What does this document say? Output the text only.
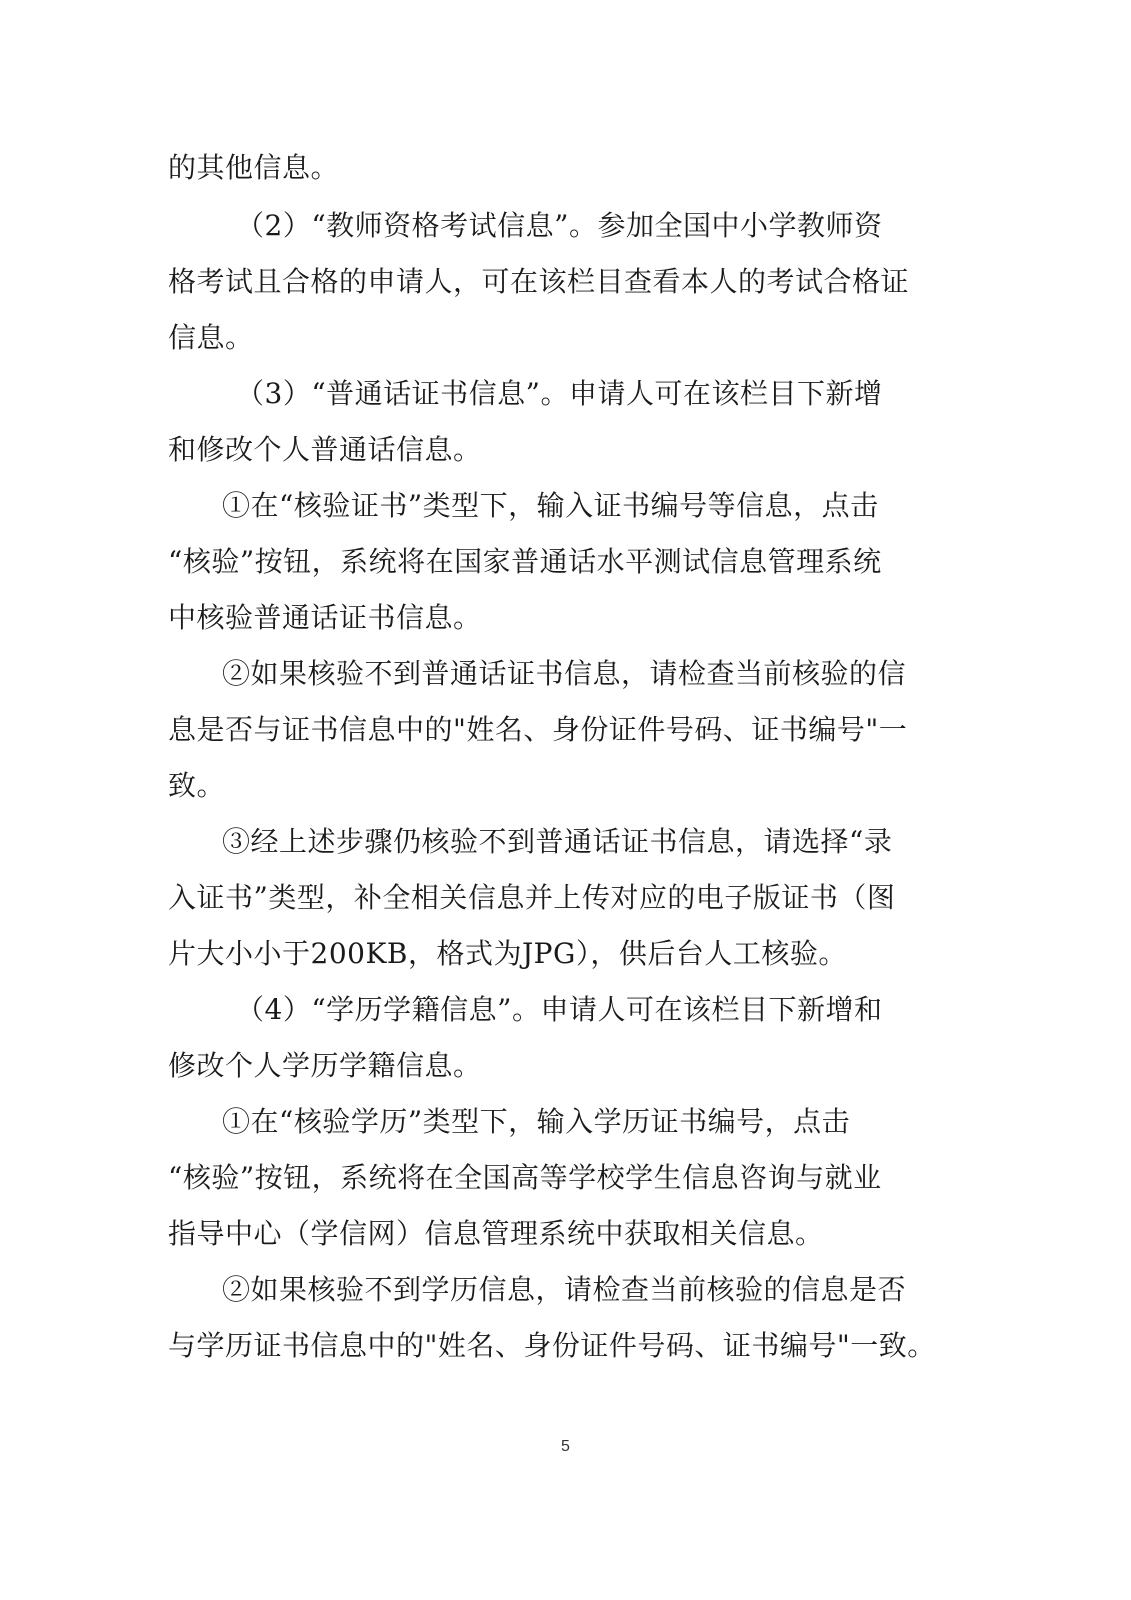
的其他信息。
（2）“教师资格考试信息”。参加全国中小学教师资
格考试且合格的申请人，可在该栏目查看本人的考试合格证
信息。
（3）“普通话证书信息”。申请人可在该栏目下新增
和修改个人普通话信息。
①在“核验证书”类型下，输入证书编号等信息，点击
“核验”按钮，系统将在国家普通话水平测试信息管理系统
中核验普通话证书信息。
②如果核验不到普通话证书信息，请检查当前核验的信
息是否与证书信息中的"姓名、身份证件号码、证书编号"一
致。
③经上述步骤仍核验不到普通话证书信息，请选择“录
入证书”类型，补全相关信息并上传对应的电子版证书（图
片大小小于200KB，格式为JPG），供后台人工核验。
（4）“学历学籍信息”。申请人可在该栏目下新增和
修改个人学历学籍信息。
①在“核验学历”类型下，输入学历证书编号，点击
“核验”按钮，系统将在全国高等学校学生信息咨询与就业
指导中心（学信网）信息管理系统中获取相关信息。
②如果核验不到学历信息，请检查当前核验的信息是否
与学历证书信息中的"姓名、身份证件号码、证书编号"一致。
5
